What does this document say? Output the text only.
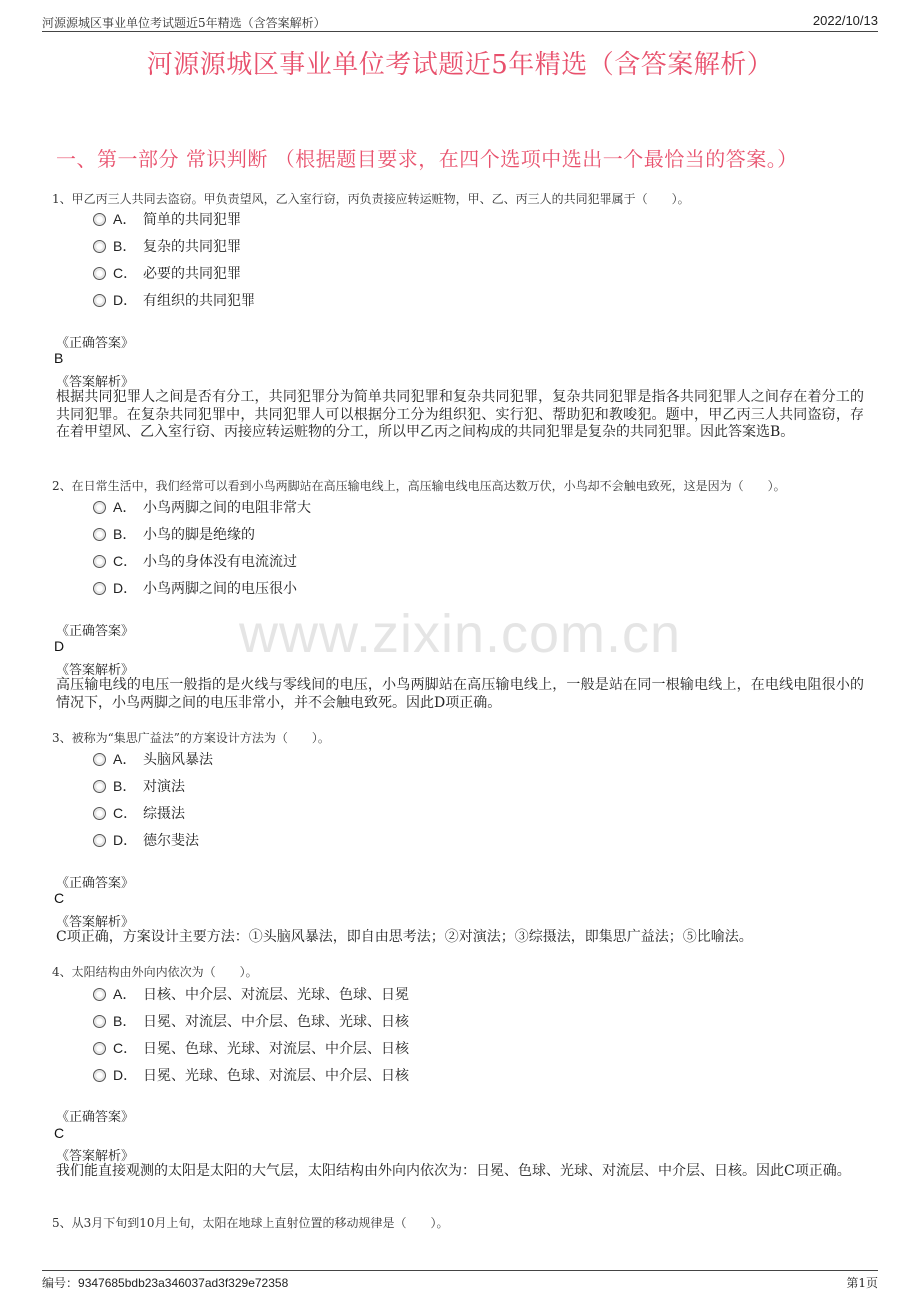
河源源城区事业单位考试题近5年精选（含答案解析）	2022/10/13
河源源城区事业单位考试题近5年精选（含答案解析）
一、第一部分 常识判断 （根据题目要求，在四个选项中选出一个最恰当的答案。）
www.zixin.com.cn
1、甲乙丙三人共同去盗窃。甲负责望风，乙入室行窃，丙负责接应转运赃物，甲、乙、丙三人的共同犯罪属于（　　）。
A． 简单的共同犯罪
B． 复杂的共同犯罪
C． 必要的共同犯罪
D． 有组织的共同犯罪
《正确答案》
B
《答案解析》
根据共同犯罪人之间是否有分工，共同犯罪分为简单共同犯罪和复杂共同犯罪，复杂共同犯罪是指各共同犯罪人之间存在着分工的共同犯罪。在复杂共同犯罪中，共同犯罪人可以根据分工分为组织犯、实行犯、帮助犯和教唆犯。题中，甲乙丙三人共同盗窃，存在着甲望风、乙入室行窃、丙接应转运赃物的分工，所以甲乙丙之间构成的共同犯罪是复杂的共同犯罪。因此答案选B。
2、在日常生活中，我们经常可以看到小鸟两脚站在高压输电线上，高压输电线电压高达数万伏，小鸟却不会触电致死，这是因为（　　）。
A． 小鸟两脚之间的电阻非常大
B． 小鸟的脚是绝缘的
C． 小鸟的身体没有电流流过
D． 小鸟两脚之间的电压很小
《正确答案》
D
《答案解析》
高压输电线的电压一般指的是火线与零线间的电压，小鸟两脚站在高压输电线上，一般是站在同一根输电线上，在电线电阻很小的情况下，小鸟两脚之间的电压非常小，并不会触电致死。因此D项正确。
3、被称为“集思广益法”的方案设计方法为（　　）。
A． 头脑风暴法
B． 对演法
C． 综摄法
D． 德尔斐法
《正确答案》
C
《答案解析》
C项正确，方案设计主要方法：①头脑风暴法，即自由思考法；②对演法；③综摄法，即集思广益法；⑤比喻法。
4、太阳结构由外向内依次为（　　）。
A． 日核、中介层、对流层、光球、色球、日冕
B． 日冕、对流层、中介层、色球、光球、日核
C． 日冕、色球、光球、对流层、中介层、日核
D． 日冕、光球、色球、对流层、中介层、日核
《正确答案》
C
《答案解析》
我们能直接观测的太阳是太阳的大气层，太阳结构由外向内依次为：日冕、色球、光球、对流层、中介层、日核。因此C项正确。
5、从3月下旬到10月上旬，太阳在地球上直射位置的移动规律是（　　）。
编号：9347685bdb23a346037ad3f329e72358	第1页
